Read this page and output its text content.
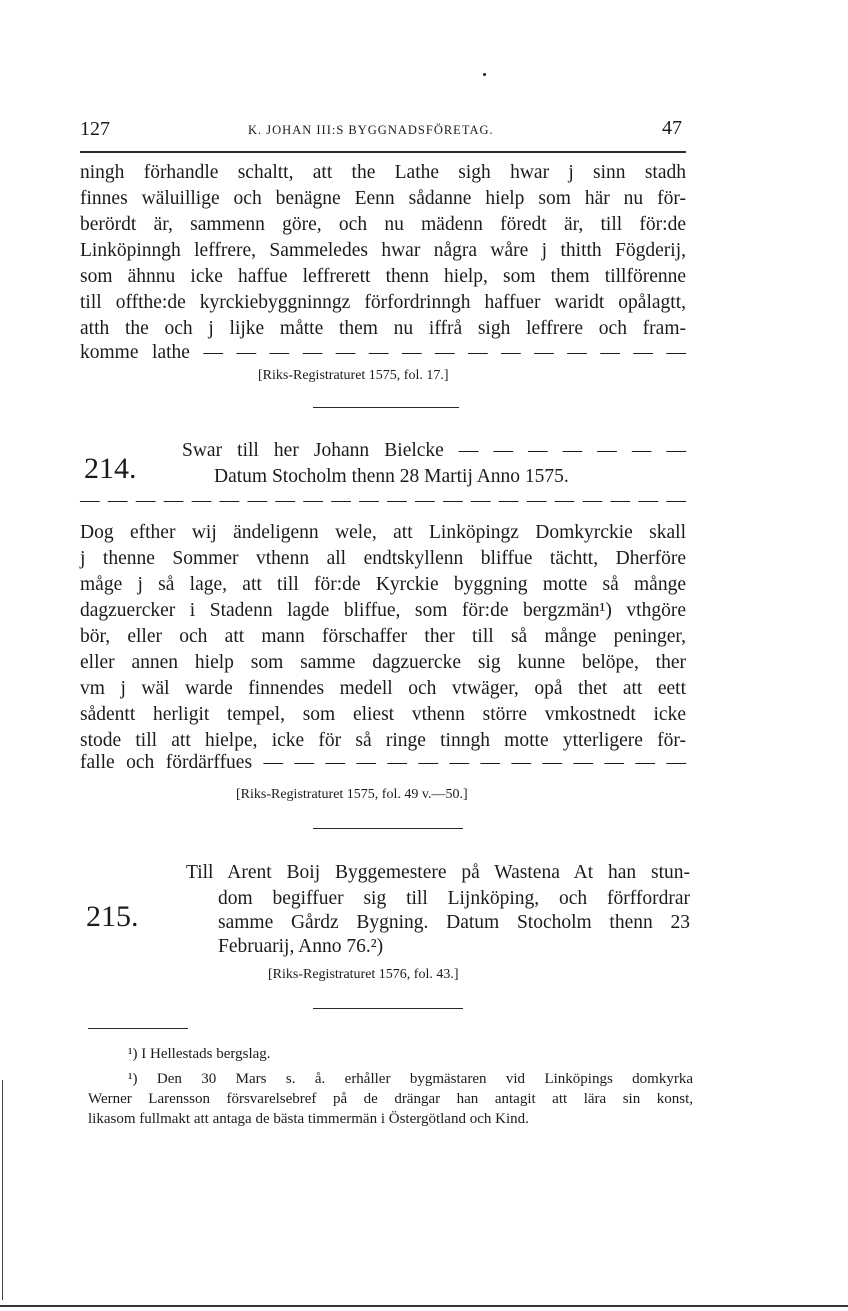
127	K. JOHAN III:S BYGGNADSFÖRETAG.	47
ningh förhandle schaltt, att the Lathe sigh hwar j sinn stadh
finnes wäluillige och benägne Eenn sådanne hielp som här nu för-
berördt är, sammenn göre, och nu mädenn föredt är, till för:de
Linköpinngh leffrere, Sammeledes hwar några wåre j thitth Fögderij,
som ähnnu icke haffue leffrerett thenn hielp, som them tillförenne
till offthe:de kyrckiebyggninngz förfordrinngh haffuer waridt opålagtt,
atth the och j lijke måtte them nu iffrå sigh leffrere och fram-
komme lathe — — — — — — — — — — — — — — —
[Riks-Registraturet 1575, fol. 17.]
214.
Swar till her Johann Bielcke — — — — — — —
Datum Stocholm thenn 28 Martij Anno 1575.
— — — — — — — — — — — — — — — — — — — — — —
Dog efther wij ändeligenn wele, att Linköpingz Domkyrckie skall
j thenne Sommer vthenn all endtskyllenn bliffue tächtt, Dherföre
måge j så lage, att till för:de Kyrckie byggning motte så månge
dagzuercker i Stadenn lagde bliffue, som för:de bergzmän¹) vthgöre
bör, eller och att mann förschaffer ther till så månge peninger,
eller annen hielp som samme dagzuercke sig kunne belöpe, ther
vm j wäl warde finnendes medell och vtwäger, opå thet att eett
sådentt herligit tempel, som eliest vthenn större vmkostnedt icke
stode till att hielpe, icke för så ringe tinngh motte ytterligere för-
falle och fördärffues — — — — — — — — — — — — — —
[Riks-Registraturet 1575, fol. 49 v.—50.]
215.
Till Arent Boij Byggemestere på Wastena At han stun-
dom begiffuer sig till Lijnköping, och förffordrar
samme Gårdz Bygning. Datum Stocholm thenn 23
Februarij, Anno 76.²)
[Riks-Registraturet 1576, fol. 43.]
¹) I Hellestads bergslag.
¹) Den 30 Mars s. å. erhåller bygmästaren vid Linköpings domkyrka
Werner Larensson försvarelsebref på de drängar han antagit att lära sin konst,
likasom fullmakt att antaga de bästa timmermän i Östergötland och Kind.
